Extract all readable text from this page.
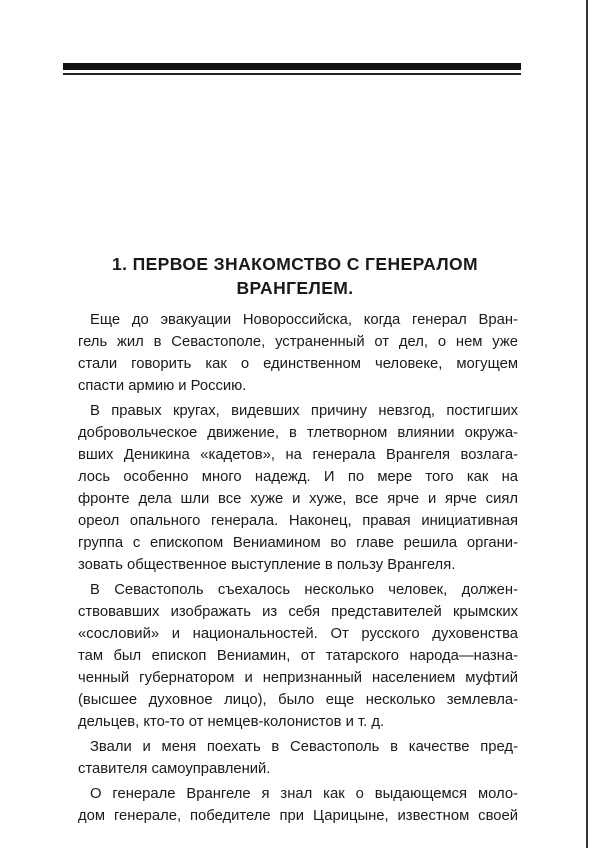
1. ПЕРВОЕ ЗНАКОМСТВО С ГЕНЕРАЛОМ
ВРАНГЕЛЕМ.

Еще до эвакуации Новороссийска, когда генерал Вран-
гель жил в Севастополе, устраненный от дел, о нем уже
стали говорить как о единственном человеке, могущем
спасти армию и Россию.

В правых кругах, видевших причину невзгод, постигших
добровольческое движение, в тлетворном влиянии окружа-
вших Деникина «кадетов», на генерала Врангеля возлага-
лось особенно много надежд. И по мере того как на
фронте дела шли все хуже и хуже, все ярче и ярче сиял
ореол опального генерала. Наконец, правая инициативная
группа с епископом Вениамином во главе решила органи-
зовать общественное выступление в пользу Врангеля.

В Севастополь съехалось несколько человек, должен-
ствовавших изображать из себя представителей крымских
«сословий» и национальностей. От русского духовенства
там был епископ Вениамин, от татарского народа—назна-
ченный губернатором и непризнанный населением муфтий
(высшее духовное лицо), было еще несколько землевла-
дельцев, кто-то от немцев-колонистов и т. д.

Звали и меня поехать в Севастополь в качестве пред-
ставителя самоуправлений.

О генерале Врангеле я знал как о выдающемся моло-
дом генерале, победителе при Царицыне, известном своей
